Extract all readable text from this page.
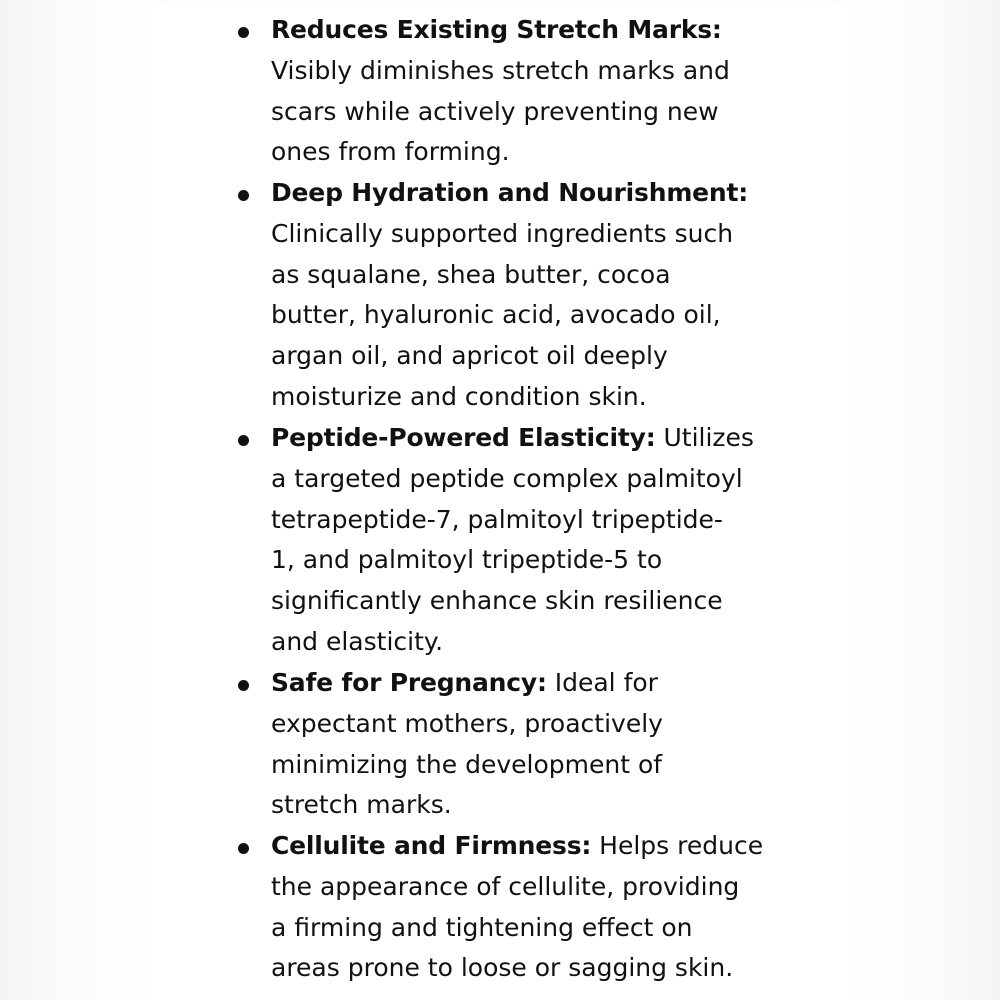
Reduces Existing Stretch Marks:
Visibly diminishes stretch marks and
scars while actively preventing new
ones from forming.
Deep Hydration and Nourishment:
Clinically supported ingredients such
as squalane, shea butter, cocoa
butter, hyaluronic acid, avocado oil,
argan oil, and apricot oil deeply
moisturize and condition skin.
Peptide-Powered Elasticity: Utilizes
a targeted peptide complex palmitoyl
tetrapeptide-7, palmitoyl tripeptide-
1, and palmitoyl tripeptide-5 to
significantly enhance skin resilience
and elasticity.
Safe for Pregnancy: Ideal for
expectant mothers, proactively
minimizing the development of
stretch marks.
Cellulite and Firmness: Helps reduce
the appearance of cellulite, providing
a firming and tightening effect on
areas prone to loose or sagging skin.
